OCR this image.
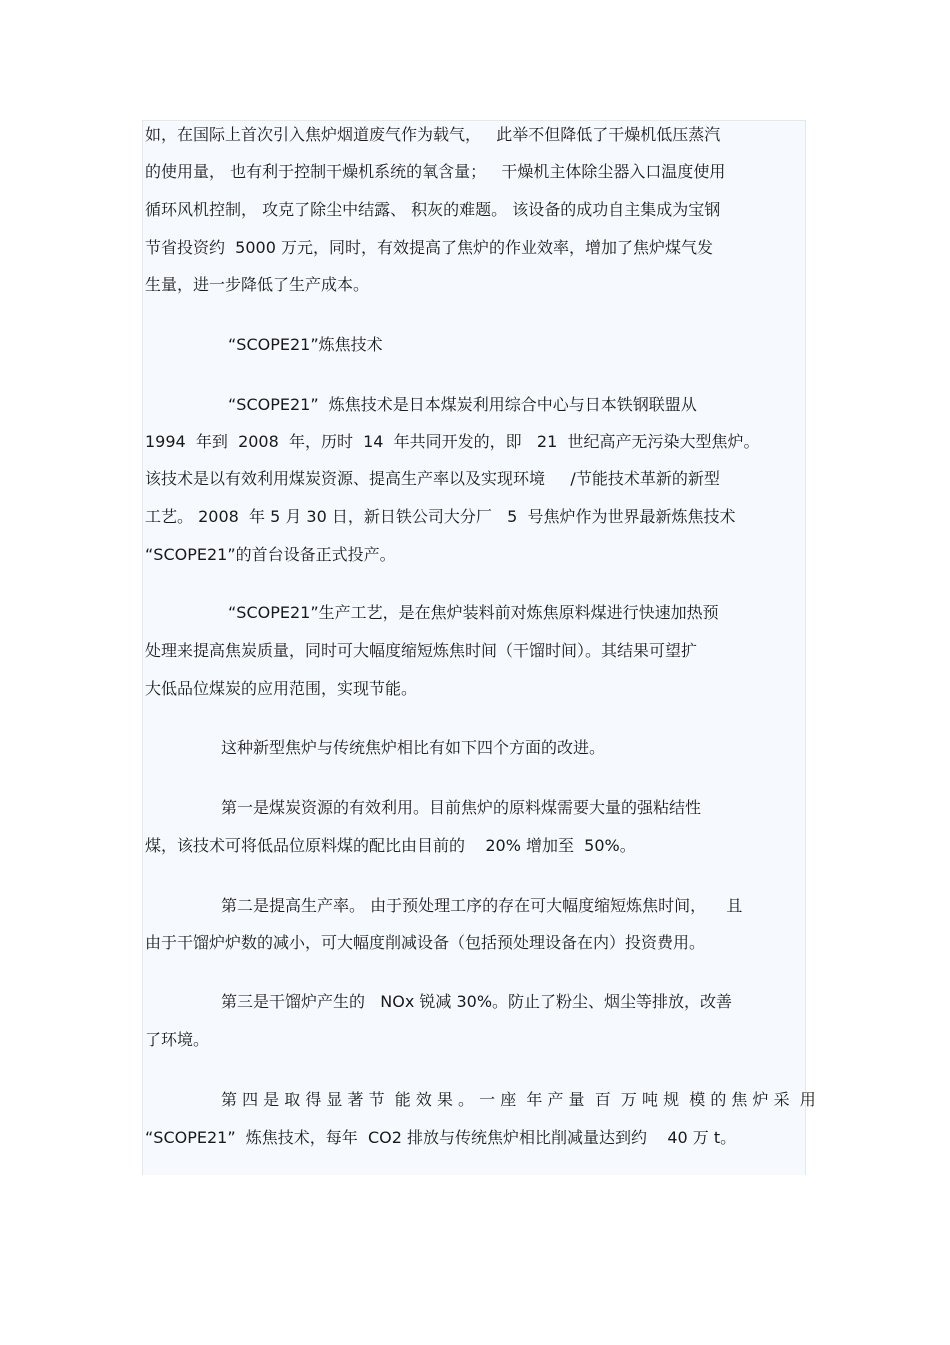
如，在国际上首次引入焦炉烟道废气作为载气，   此举不但降低了干燥机低压蒸汽

的使用量， 也有利于控制干燥机系统的氧含量；   干燥机主体除尘器入口温度使用

循环风机控制， 攻克了除尘中结露、 积灰的难题。 该设备的成功自主集成为宝钢

节省投资约  5000 万元，同时，有效提高了焦炉的作业效率，增加了焦炉煤气发

生量，进一步降低了生产成本。

“SCOPE21”炼焦技术

“SCOPE21”  炼焦技术是日本煤炭利用综合中心与日本铁钢联盟从

1994  年到  2008  年，历时  14  年共同开发的，即   21  世纪高产无污染大型焦炉。

该技术是以有效利用煤炭资源、提高生产率以及实现环境     /节能技术革新的新型

工艺。 2008  年 5 月 30 日，新日铁公司大分厂   5  号焦炉作为世界最新炼焦技术

“SCOPE21”的首台设备正式投产。

“SCOPE21”生产工艺，是在焦炉装料前对炼焦原料煤进行快速加热预

处理来提高焦炭质量，同时可大幅度缩短炼焦时间（干馏时间）。其结果可望扩

大低品位煤炭的应用范围，实现节能。

这种新型焦炉与传统焦炉相比有如下四个方面的改进。

第一是煤炭资源的有效利用。目前焦炉的原料煤需要大量的强粘结性

煤，该技术可将低品位原料煤的配比由目前的    20% 增加至  50%。

第二是提高生产率。 由于预处理工序的存在可大幅度缩短炼焦时间，    且

由于干馏炉炉数的减小，可大幅度削减设备（包括预处理设备在内）投资费用。

第三是干馏炉产生的   NOx 锐减 30%。防止了粉尘、烟尘等排放，改善

了环境。

第 四 是 取 得 显 著 节  能 效 果 。 一 座  年 产 量  百  万 吨 规  模 的 焦 炉 采  用

“SCOPE21”  炼焦技术，每年  CO2 排放与传统焦炉相比削减量达到约    40 万 t。
